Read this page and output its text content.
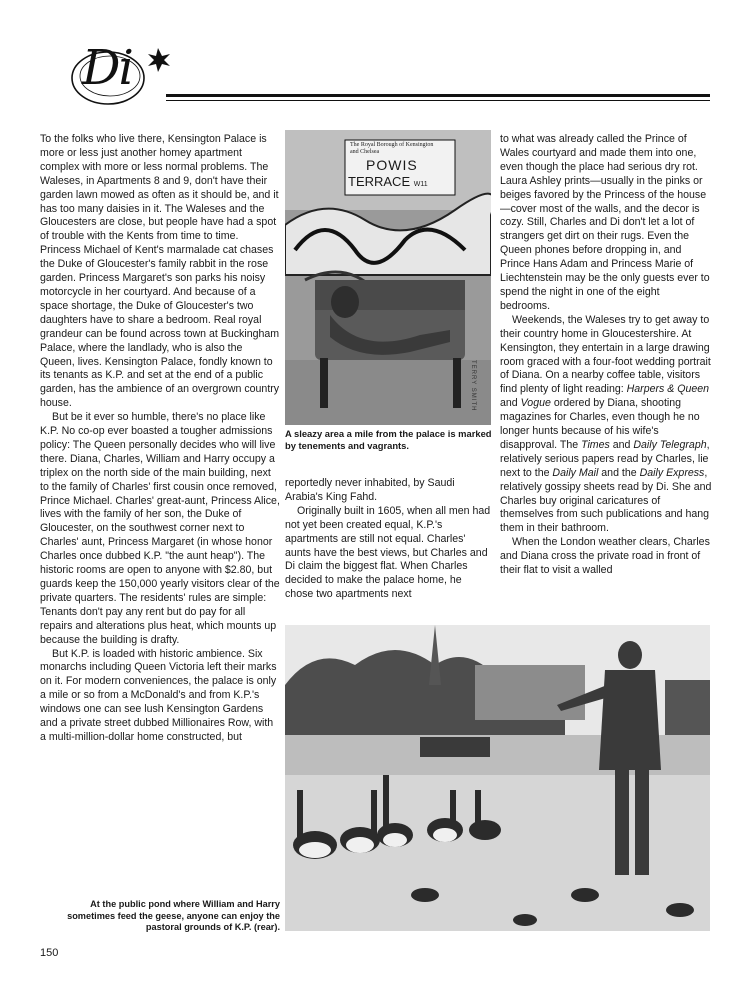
Di

To the folks who live there, Kensington Palace is more or less just another homey apartment complex with more or less normal problems. The Waleses, in Apartments 8 and 9, don't have their garden lawn mowed as often as it should be, and it has too many daisies in it. The Waleses and the Gloucesters are close, but people have had a spot of trouble with the Kents from time to time. Princess Michael of Kent's marmalade cat chases the Duke of Gloucester's family rabbit in the rose garden. Princess Margaret's son parks his noisy motorcycle in her courtyard. And because of a space shortage, the Duke of Gloucester's two daughters have to share a bedroom. Real royal grandeur can be found across town at Buckingham Palace, where the landlady, who is also the Queen, lives. Kensington Palace, fondly known to its tenants as K.P. and set at the end of a public garden, has the ambience of an overgrown country house.

But be it ever so humble, there's no place like K.P. No co-op ever boasted a tougher admissions policy: The Queen personally decides who will live there. Diana, Charles, William and Harry occupy a triplex on the north side of the main building, next to the family of Charles' first cousin once removed, Prince Michael. Charles' great-aunt, Princess Alice, lives with the family of her son, the Duke of Gloucester, on the southwest corner next to Charles' aunt, Princess Margaret (in whose honor Charles once dubbed K.P. "the aunt heap"). The historic rooms are open to anyone with $2.80, but guards keep the 150,000 yearly visitors clear of the private quarters. The residents' rules are simple: Tenants don't pay any rent but do pay for all repairs and alterations plus heat, which mounts up because the building is drafty.

But K.P. is loaded with historic ambience. Six monarchs including Queen Victoria left their marks on it. For modern conveniences, the palace is only a mile or so from a McDonald's and from K.P.'s windows one can see lush Kensington Gardens and a private street dubbed Millionaires Row, with a multi-million-dollar home constructed, but

The Royal Borough of Kensington
and Chelsea
POWIS
TERRACE W11
TERRY SMITH
A sleazy area a mile from the palace is marked by tenements and vagrants.

reportedly never inhabited, by Saudi Arabia's King Fahd.

Originally built in 1605, when all men had not yet been created equal, K.P.'s apartments are still not equal. Charles' aunts have the best views, but Charles and Di claim the biggest flat. When Charles decided to make the palace home, he chose two apartments next

to what was already called the Prince of Wales courtyard and made them into one, even though the place had serious dry rot. Laura Ashley prints—usually in the pinks or beiges favored by the Princess of the house—cover most of the walls, and the decor is cozy. Still, Charles and Di don't let a lot of strangers get dirt on their rugs. Even the Queen phones before dropping in, and Prince Hans Adam and Princess Marie of Liechtenstein may be the only guests ever to spend the night in one of the eight bedrooms.

Weekends, the Waleses try to get away to their country home in Gloucestershire. At Kensington, they entertain in a large drawing room graced with a four-foot wedding portrait of Diana. On a nearby coffee table, visitors find plenty of light reading: Harpers & Queen and Vogue ordered by Diana, shooting magazines for Charles, even though he no longer hunts because of his wife's disapproval. The Times and Daily Telegraph, relatively serious papers read by Charles, lie next to the Daily Mail and the Daily Express, relatively gossipy sheets read by Di. She and Charles buy original caricatures of themselves from such publications and hang them in their bathroom.

When the London weather clears, Charles and Diana cross the private road in front of their flat to visit a walled

At the public pond where William and Harry sometimes feed the geese, anyone can enjoy the pastoral grounds of K.P. (rear).
150
